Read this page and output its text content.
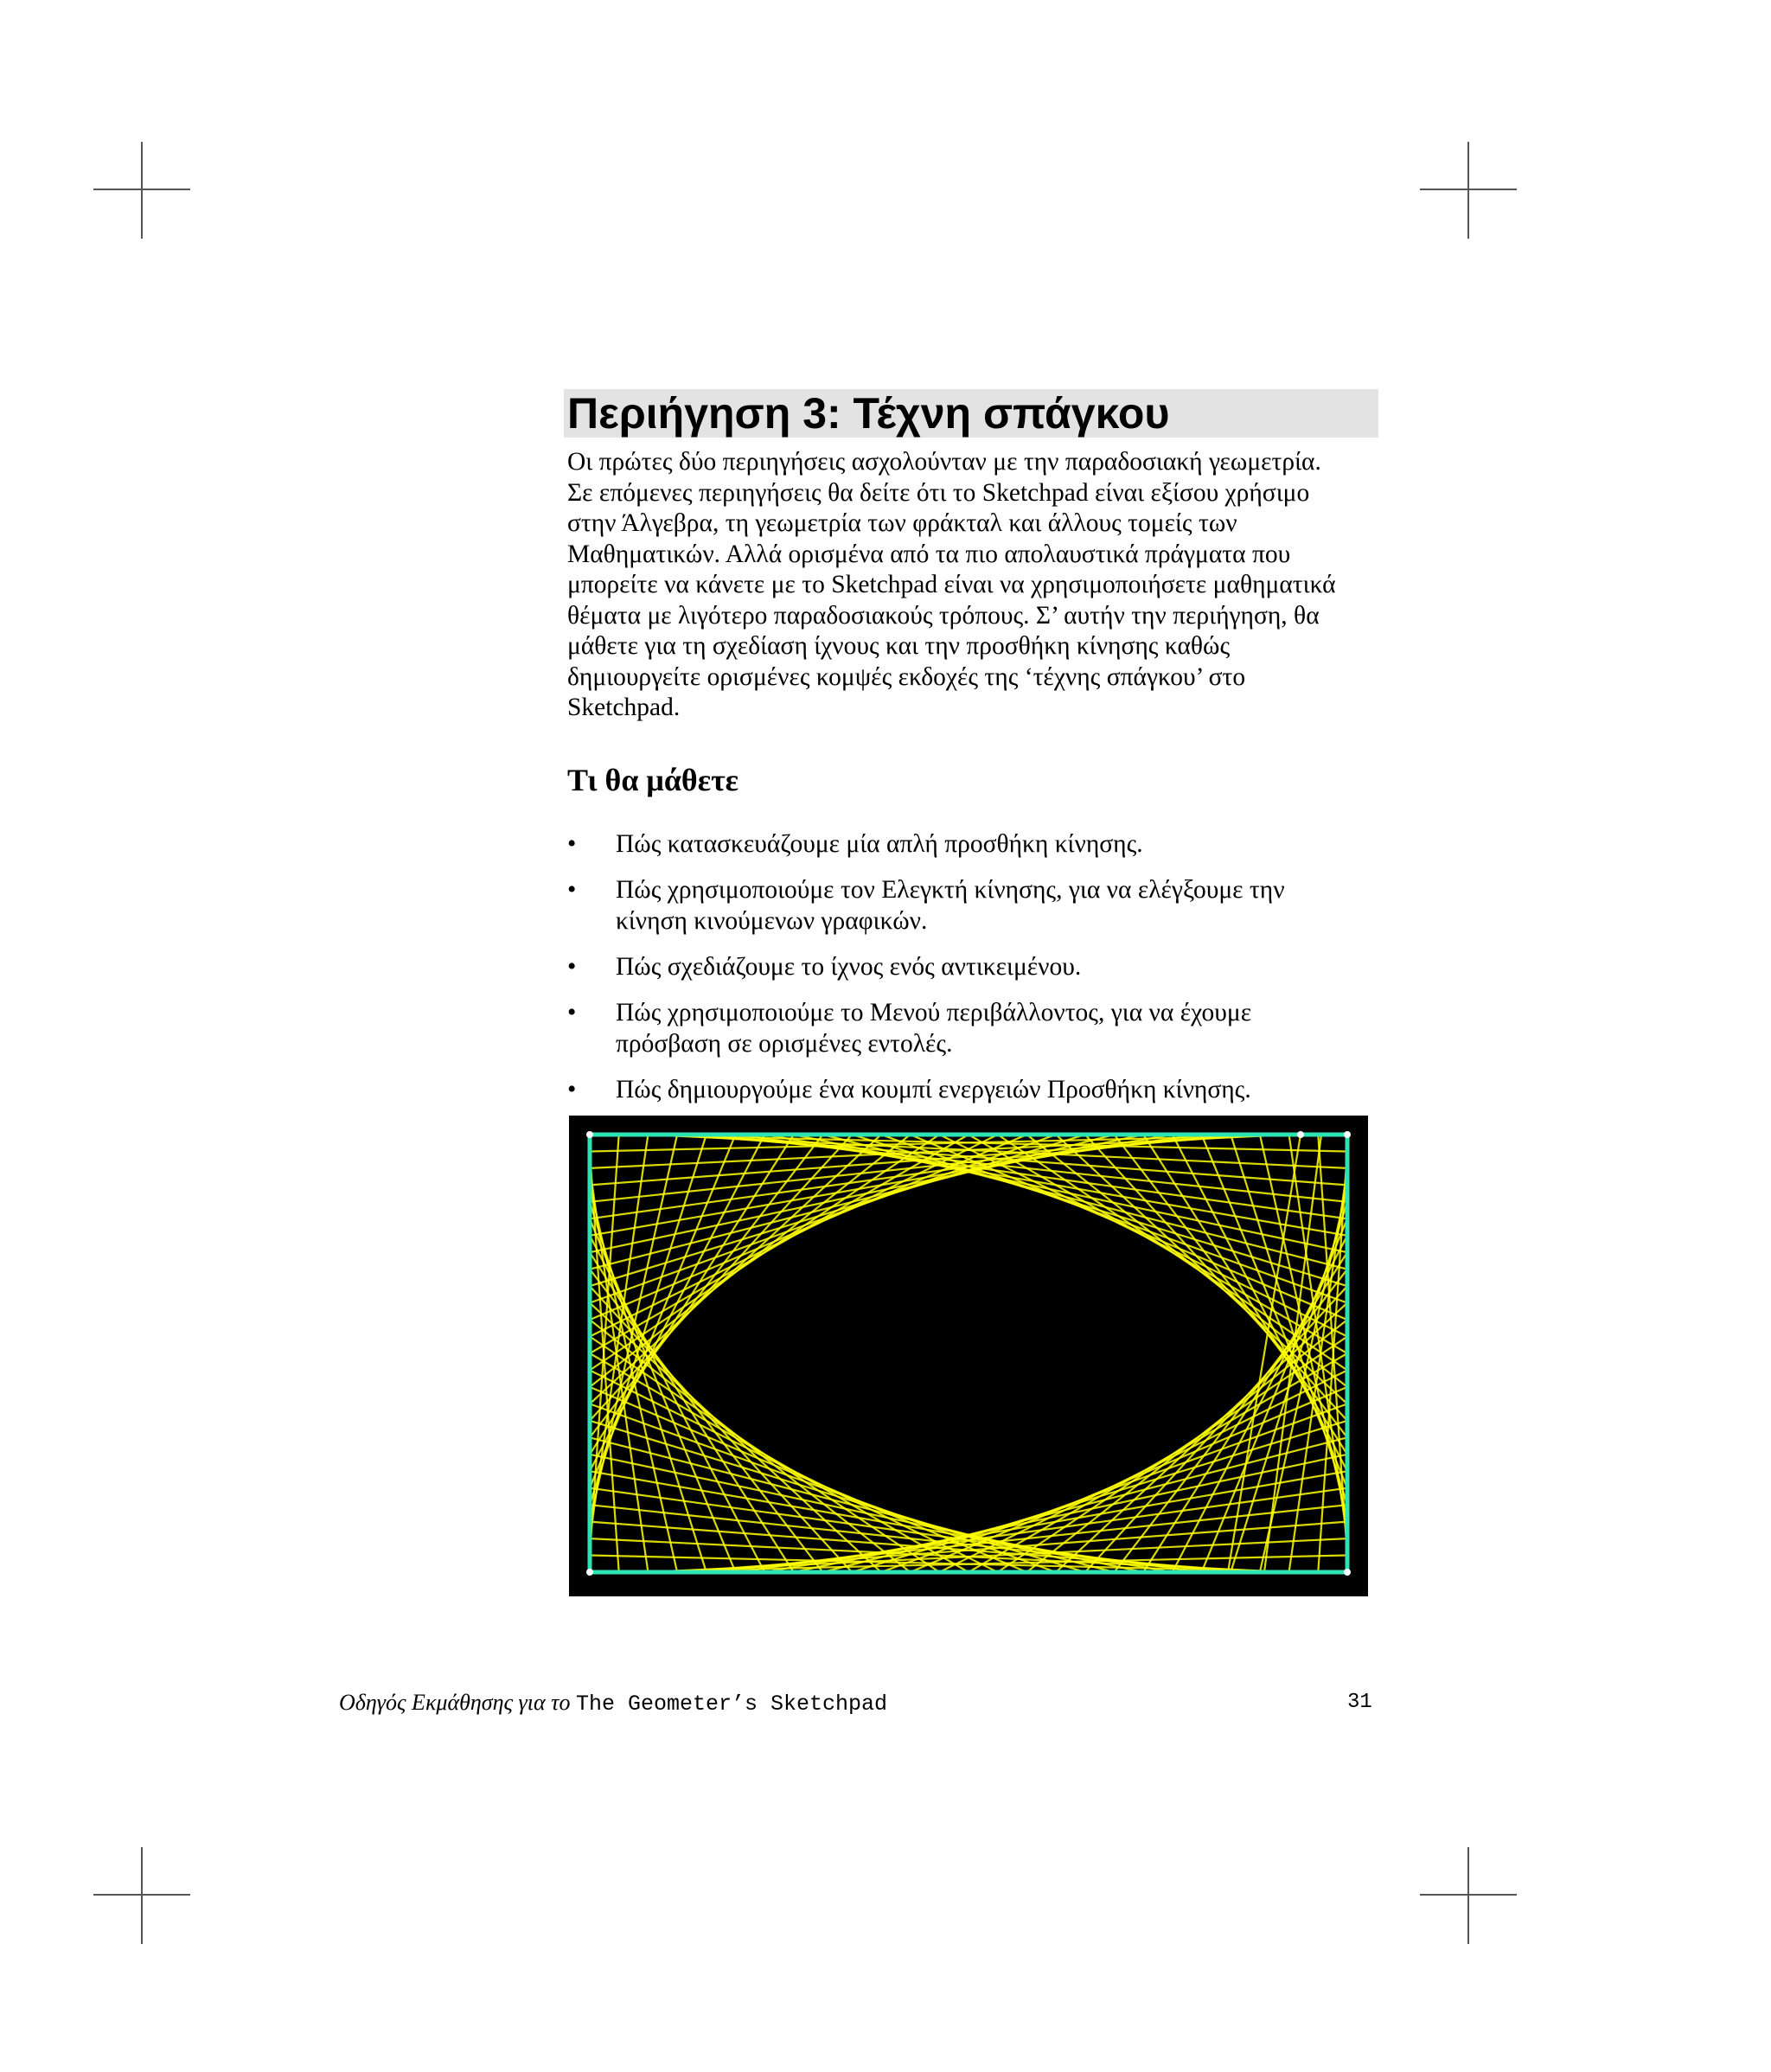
Περιήγηση 3: Τέχνη σπάγκου
Οι πρώτες δύο περιηγήσεις ασχολούνταν με την παραδοσιακή γεωμετρία.
Σε επόμενες περιηγήσεις θα δείτε ότι το Sketchpad είναι εξίσου χρήσιμο
στην Άλγεβρα, τη γεωμετρία των φράκταλ και άλλους τομείς των
Μαθηματικών. Αλλά ορισμένα από τα πιο απολαυστικά πράγματα που
μπορείτε να κάνετε με το Sketchpad είναι να χρησιμοποιήσετε μαθηματικά
θέματα με λιγότερο παραδοσιακούς τρόπους. Σ’ αυτήν την περιήγηση, θα
μάθετε για τη σχεδίαση ίχνους και την προσθήκη κίνησης καθώς
δημιουργείτε ορισμένες κομψές εκδοχές της ‘τέχνης σπάγκου’ στο
Sketchpad.
Τι θα μάθετε
• Πώς κατασκευάζουμε μία απλή προσθήκη κίνησης.
• Πώς χρησιμοποιούμε τον Ελεγκτή κίνησης, για να ελέγξουμε την
κίνηση κινούμενων γραφικών.
• Πώς σχεδιάζουμε το ίχνος ενός αντικειμένου.
• Πώς χρησιμοποιούμε το Μενού περιβάλλοντος, για να έχουμε
πρόσβαση σε ορισμένες εντολές.
• Πώς δημιουργούμε ένα κουμπί ενεργειών Προσθήκη κίνησης.
Οδηγός Εκμάθησης για το The Geometer’s Sketchpad	31
